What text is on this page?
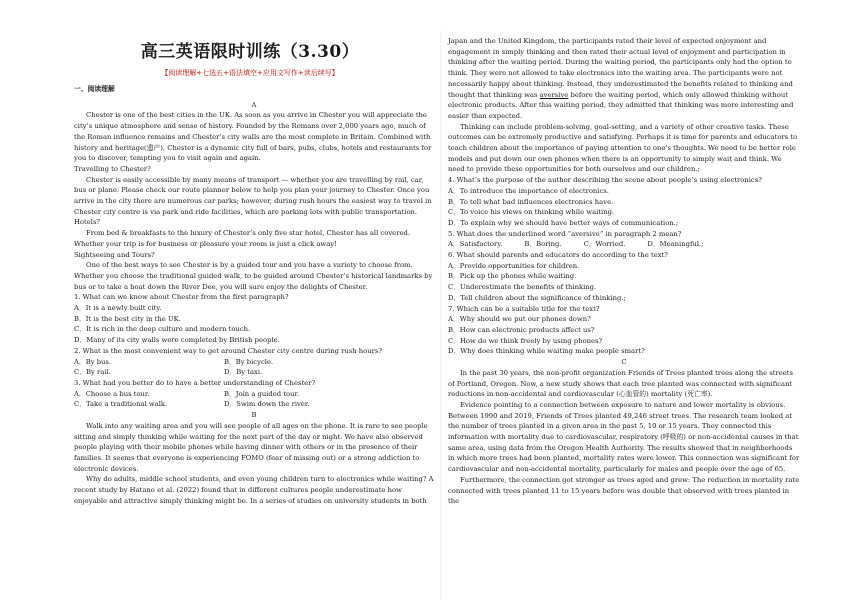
高三英语限时训练（3.30）
【阅读理解+七选五+语法填空+应用文写作+读后续写】

一、阅读理解

A

Chester is one of the best cities in the UK. As soon as you arrive in Chester you will appreciate the city’s unique atmosphere and sense of history. Founded by the Romans over 2,000 years ago, much of the Roman influence remains and Chester’s city walls are the most complete in Britain. Combined with history and heritage(遗产), Chester is a dynamic city full of bars, pubs, clubs, hotels and restaurants for you to discover, tempting you to visit again and again.

Travelling to Chester?

Chester is easily accessible by many means of transport — whether you are travelling by rail, car, bus or plane. Please check our route planner below to help you plan your journey to Chester. Once you arrive in the city there are numerous car parks; however, during rush hours the easiest way to travel in Chester city centre is via park and ride facilities, which are parking lots with public transportation.

Hotels?

From bed & breakfasts to the luxury of Chester’s only five star hotel, Chester has all covered. Whether your trip is for business or pleasure your room is just a click away!

Sightseeing and Tours?

One of the best ways to see Chester is by a guided tour and you have a variety to choose from. Whether you choose the traditional guided walk, to be guided around Chester’s historical landmarks by bus or to take a boat down the River Dee, you will sure enjoy the delights of Chester.

1. What can we know about Chester from the first paragraph?

A．It is a newly built city.

B．It is the best city in the UK.

C．It is rich in the deep culture and modern touch.

D．Many of its city walls were completed by British people.

2. What is the most convenient way to get around Chester city centre during rush hours?

A．By bus.	B．By bicycle.
C．By rail.	D．By taxi.

3. What had you better do to have a better understanding of Chester?

A．Choose a bus tour.	B．Join a guided tour.
C．Take a traditional walk.	D．Swim down the river.

B

Walk into any waiting area and you will see people of all ages on the phone. It is rare to see people sitting and simply thinking while waiting for the next part of the day or night. We have also observed people playing with their mobile phones while having dinner with others or in the presence of their families. It seems that everyone is experiencing FOMO (fear of missing out) or a strong addiction to electronic devices.

Why do adults, middle school students, and even young children turn to electronics while waiting? A recent study by Hatano et al. (2022) found that in different cultures people underestimate how enjoyable and attractive simply thinking might be. In a series of studies on university students in both

Japan and the United Kingdom, the participants rated their level of expected enjoyment and engagement in simply thinking and then rated their actual level of enjoyment and participation in thinking after the waiting period. During the waiting period, the participants only had the option to think. They were not allowed to take electronics into the waiting area. The participants were not necessarily happy about thinking. Instead, they underestimated the benefits related to thinking and thought that thinking was aversive before the waiting period, which only allowed thinking without electronic products. After this waiting period, they admitted that thinking was more interesting and easier than expected.

Thinking can include problem-solving, goal-setting, and a variety of other creative tasks. These outcomes can be extremely productive and satisfying. Perhaps it is time for parents and educators to teach children about the importance of paying attention to one’s thoughts. We need to be better role models and put down our own phones when there is an opportunity to simply wait and think. We need to provide these opportunities for both ourselves and our children.;

4. What’s the purpose of the author describing the scene about people’s using electronics?

A．To introduce the importance of electronics.

B．To tell what bad influences electronics have.

C．To voice his views on thinking while waiting.

D．To explain why we should have better ways of communication.;

5. What does the underlined word “aversive” in paragraph 2 mean?

A．Satisfactory.	B．Boring.	C．Worried.	D．Meaningful.;

6. What should parents and educators do according to the text?

A．Provide opportunities for children.

B．Pick up the phones while waiting.

C．Underestimate the benefits of thinking.

D．Tell children about the significance of thinking.;

7. Which can be a suitable title for the text?

A．Why should we put our phones down?

B．How can electronic products affect us?

C．How do we think freely by using phones?

D．Why does thinking while waiting make people smart?

C

In the past 30 years, the non-profit organization Friends of Trees planted trees along the streets of Portland, Oregon. Now, a new study shows that each tree planted was connected with significant reductions in non-accidental and cardiovascular (心血管的) mortality (死亡率).

Evidence pointing to a connection between exposure to nature and lower mortality is obvious. Between 1990 and 2019, Friends of Trees planted 49,246 street trees. The research team looked at the number of trees planted in a given area in the past 5, 10 or 15 years. They connected this information with mortality due to cardiovascular, respiratory (呼吸的) or non-accidental causes in that same area, using data from the Oregon Health Authority. The results showed that in neighborhoods in which more trees had been planted, mortality rates were lower. This connection was significant for cardiovascular and non-accidental mortality, particularly for males and people over the age of 65.

Furthermore, the connection got stronger as trees aged and grew: The reduction in mortality rate connected with trees planted 11 to 15 years before was double that observed with trees planted in the
